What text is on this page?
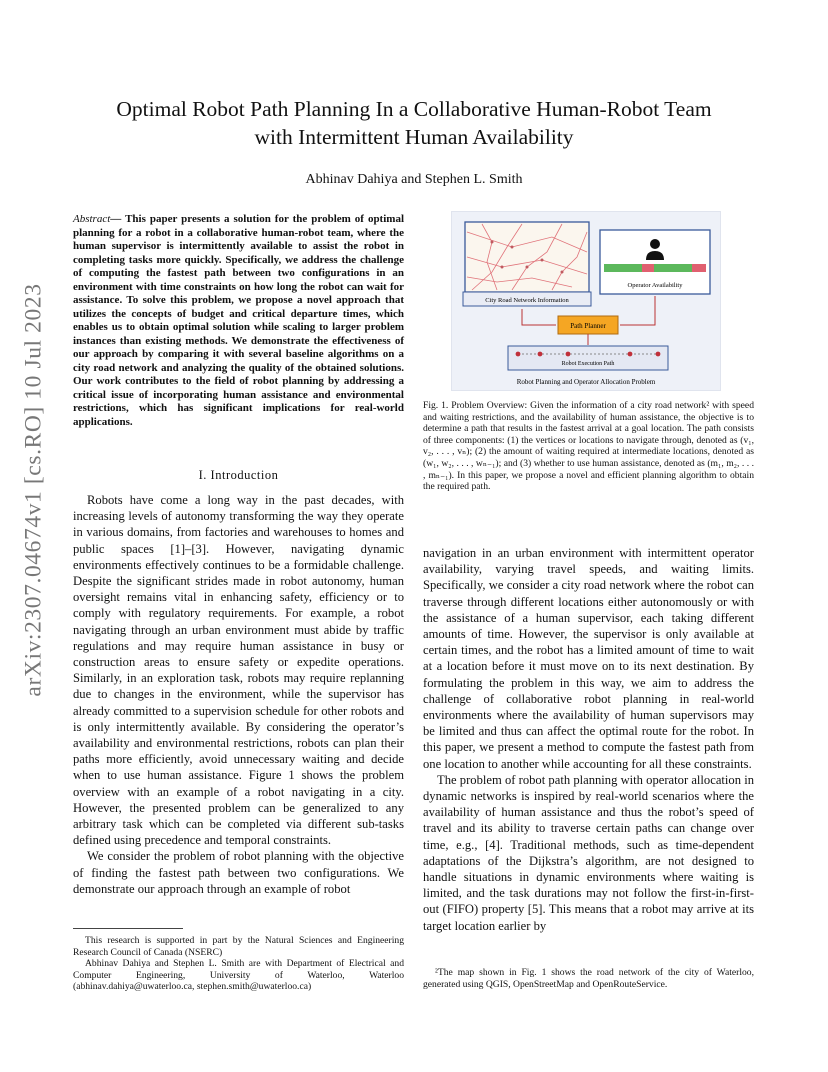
Optimal Robot Path Planning In a Collaborative Human-Robot Team
with Intermittent Human Availability
Abhinav Dahiya and Stephen L. Smith
arXiv:2307.04674v1 [cs.RO] 10 Jul 2023
Abstract— This paper presents a solution for the problem of optimal planning for a robot in a collaborative human-robot team, where the human supervisor is intermittently available to assist the robot in completing tasks more quickly. Specifically, we address the challenge of computing the fastest path between two configurations in an environment with time constraints on how long the robot can wait for assistance. To solve this problem, we propose a novel approach that utilizes the concepts of budget and critical departure times, which enables us to obtain optimal solution while scaling to larger problem instances than existing methods. We demonstrate the effectiveness of our approach by comparing it with several baseline algorithms on a city road network and analyzing the quality of the obtained solutions. Our work contributes to the field of robot planning by addressing a critical issue of incorporating human assistance and environmental restrictions, which has significant implications for real-world applications.
I. Introduction

Robots have come a long way in the past decades, with increasing levels of autonomy transforming the way they operate in various domains, from factories and warehouses to homes and public spaces [1]–[3]. However, navigating dynamic environments effectively continues to be a formidable challenge. Despite the significant strides made in robot autonomy, human oversight remains vital in enhancing safety, efficiency or to comply with regulatory requirements. For example, a robot navigating through an urban environment must abide by traffic regulations and may require human assistance in busy or construction areas to ensure safety or expedite operations. Similarly, in an exploration task, robots may require replanning due to changes in the environment, while the supervisor has already committed to a supervision schedule for other robots and is only intermittently available. By considering the operator’s availability and environmental restrictions, robots can plan their paths more efficiently, avoid unnecessary waiting and decide when to use human assistance. Figure 1 shows the problem overview with an example of a robot navigating in a city. However, the presented problem can be generalized to any arbitrary task which can be completed via different sub-tasks defined using precedence and temporal constraints.

We consider the problem of robot planning with the objective of finding the fastest path between two configurations. We demonstrate our approach through an example of robot

This research is supported in part by the Natural Sciences and Engineering Research Council of Canada (NSERC)

Abhinav Dahiya and Stephen L. Smith are with Department of Electrical and Computer Engineering, University of Waterloo, Waterloo (abhinav.dahiya@uwaterloo.ca, stephen.smith@uwaterloo.ca)

City Road Network Information
Operator Availability
Path Planner
Robot Execution Path
Robot Planning and Operator Allocation Problem
Fig. 1. Problem Overview: Given the information of a city road network² with speed and waiting restrictions, and the availability of human assistance, the objective is to determine a path that results in the fastest arrival at a goal location. The path consists of three components: (1) the vertices or locations to navigate through, denoted as (v₁, v₂, . . . , vₙ); (2) the amount of waiting required at intermediate locations, denoted as (w₁, w₂, . . . , wₙ₋₁); and (3) whether to use human assistance, denoted as (m₁, m₂, . . . , mₙ₋₁). In this paper, we propose a novel and efficient planning algorithm to obtain the required path.

navigation in an urban environment with intermittent operator availability, varying travel speeds, and waiting limits. Specifically, we consider a city road network where the robot can traverse through different locations either autonomously or with the assistance of a human supervisor, each taking different amounts of time. However, the supervisor is only available at certain times, and the robot has a limited amount of time to wait at a location before it must move on to its next destination. By formulating the problem in this way, we aim to address the challenge of collaborative robot planning in real-world environments where the availability of human supervisors may be limited and thus can affect the optimal route for the robot. In this paper, we present a method to compute the fastest path from one location to another while accounting for all these constraints.

The problem of robot path planning with operator allocation in dynamic networks is inspired by real-world scenarios where the availability of human assistance and thus the robot’s speed of travel and its ability to traverse certain paths can change over time, e.g., [4]. Traditional methods, such as time-dependent adaptations of the Dijkstra’s algorithm, are not designed to handle situations in dynamic environments where waiting is limited, and the task durations may not follow the first-in-first-out (FIFO) property [5]. This means that a robot may arrive at its target location earlier by

²The map shown in Fig. 1 shows the road network of the city of Waterloo, generated using QGIS, OpenStreetMap and OpenRouteService.
